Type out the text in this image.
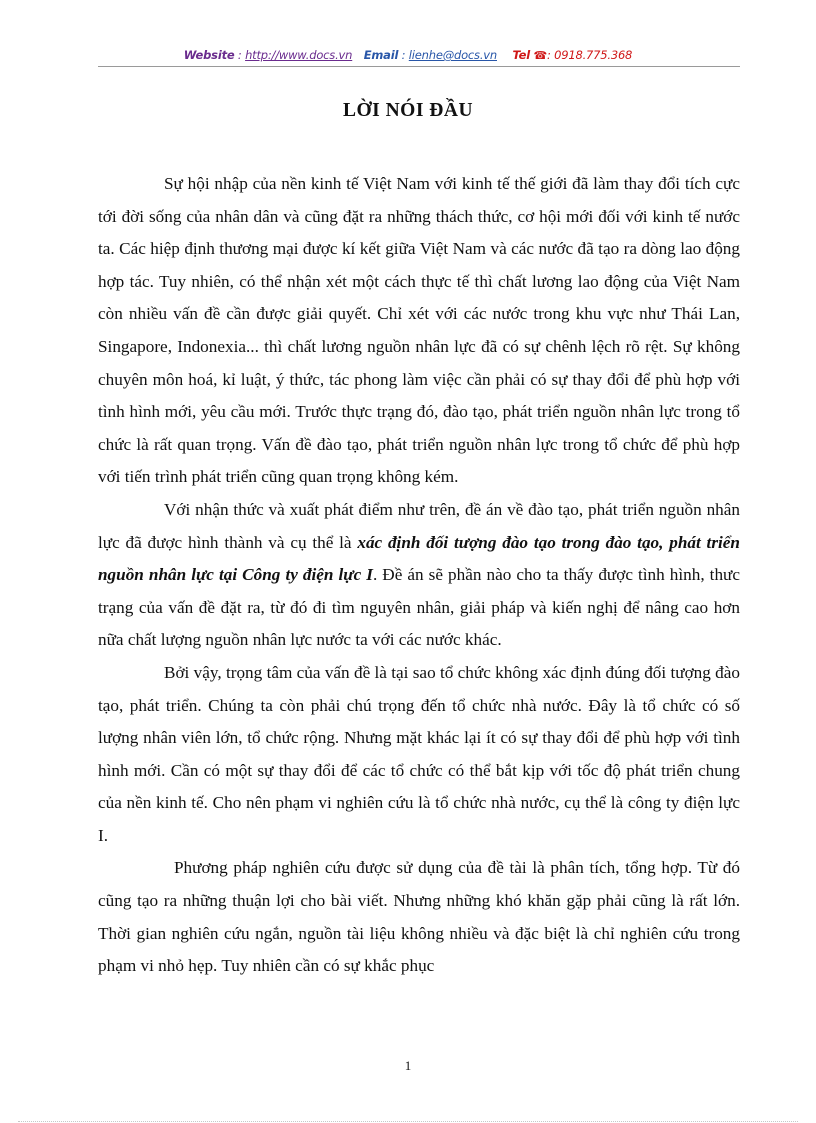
Website : http://www.docs.vn Email : lienhe@docs.vn Tel ☎: 0918.775.368
LỜI NÓI ĐẦU

Sự hội nhập của nền kinh tế Việt Nam với kinh tế thế giới đã làm thay đổi tích cực tới đời sống của nhân dân và cũng đặt ra những thách thức, cơ hội mới đối với kinh tế nước ta. Các hiệp định thương mại được kí kết giữa Việt Nam và các nước đã tạo ra dòng lao động hợp tác. Tuy nhiên, có thể nhận xét một cách thực tế thì chất lương lao động của Việt Nam còn nhiều vấn đề cần được giải quyết. Chỉ xét với các nước trong khu vực như Thái Lan, Singapore, Indonexia... thì chất lương nguồn nhân lực đã có sự chênh lệch rõ rệt. Sự không chuyên môn hoá, kỉ luật, ý thức, tác phong làm việc cần phải có sự thay đổi để phù hợp với tình hình mới, yêu cầu mới. Trước thực trạng đó, đào tạo, phát triển nguồn nhân lực trong tổ chức là rất quan trọng. Vấn đề đào tạo, phát triển nguồn nhân lực trong tổ chức để phù hợp với tiến trình phát triển cũng quan trọng không kém.

Với nhận thức và xuất phát điểm như trên, đề án về đào tạo, phát triển nguồn nhân lực đã được hình thành và cụ thể là xác định đối tượng đào tạo trong đào tạo, phát triển nguồn nhân lực tại Công ty điện lực I. Đề án sẽ phần nào cho ta thấy được tình hình, thưc trạng của vấn đề đặt ra, từ đó đi tìm nguyên nhân, giải pháp và kiến nghị để nâng cao hơn nữa chất lượng nguồn nhân lực nước ta với các nước khác.

Bởi vậy, trọng tâm của vấn đề là tại sao tổ chức không xác định đúng đối tượng đào tạo, phát triển. Chúng ta còn phải chú trọng đến tổ chức nhà nước. Đây là tổ chức có số lượng nhân viên lớn, tổ chức rộng. Nhưng mặt khác lại ít có sự thay đổi để phù hợp với tình hình mới. Cần có một sự thay đổi để các tổ chức có thể bắt kịp với tốc độ phát triển chung của nền kinh tế. Cho nên phạm vi nghiên cứu là tổ chức nhà nước, cụ thể là công ty điện lực I.

Phương pháp nghiên cứu được sử dụng của đề tài là phân tích, tổng hợp. Từ đó cũng tạo ra những thuận lợi cho bài viết. Nhưng những khó khăn gặp phải cũng là rất lớn. Thời gian nghiên cứu ngắn, nguồn tài liệu không nhiều và đặc biệt là chỉ nghiên cứu trong phạm vi nhỏ hẹp. Tuy nhiên cần có sự khắc phục

1
